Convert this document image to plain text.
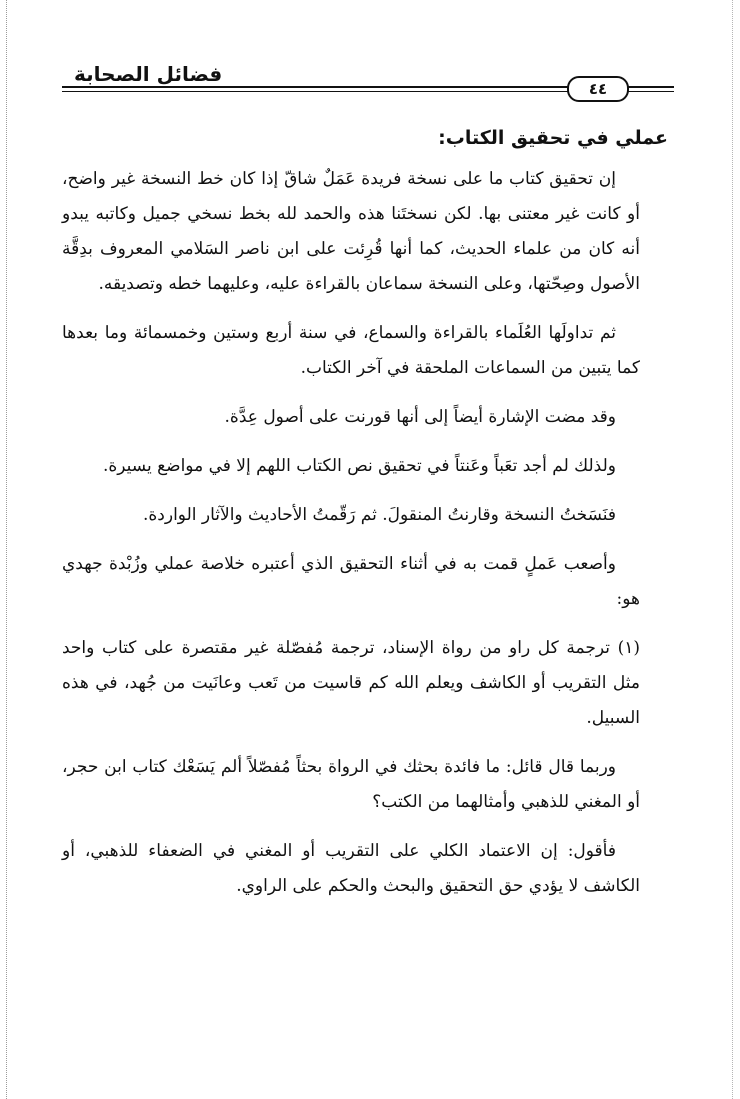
فضائل الصحابة
٤٤
عملي في تحقيق الكتاب:

إن تحقيق كتاب ما على نسخة فريدة عَمَلٌ شاقّ إذا كان خط النسخة غير واضح، أو كانت غير معتنى بها. لكن نسختَنا هذه والحمد لله بخط نسخي جميل وكاتبه يبدو أنه كان من علماء الحديث، كما أنها قُرِئت على ابن ناصر السَلامي المعروف بدِقَّة الأصول وصِحّتها، وعلى النسخة سماعان بالقراءة عليه، وعليهما خطه وتصديقه.

ثم تداولَها العُلَماء بالقراءة والسماع، في سنة أربع وستين وخمسمائة وما بعدها كما يتبين من السماعات الملحقة في آخر الكتاب.

وقد مضت الإشارة أيضاً إلى أنها قورنت على أصول عِدَّة.

ولذلك لم أجد تعَباً وعَنتاً في تحقيق نص الكتاب اللهم إلا في مواضع يسيرة.

فنَسَختُ النسخة وقارنتُ المنقولَ. ثم رَقّمتُ الأحاديث والآثار الواردة.

وأصعب عَملٍ قمت به في أثناء التحقيق الذي أعتبره خلاصة عملي وزُبْدة جهدي هو:

(١) ترجمة كل راو من رواة الإسناد، ترجمة مُفصّلة غير مقتصرة على كتاب واحد مثل التقريب أو الكاشف ويعلم الله كم قاسيت من تَعب وعانَيت من جُهد، في هذه السبيل.

وربما قال قائل: ما فائدة بحثك في الرواة بحثاً مُفصّلاً ألم يَسَعْك كتاب ابن حجر، أو المغني للذهبي وأمثالهما من الكتب؟

فأقول: إن الاعتماد الكلي على التقريب أو المغني في الضعفاء للذهبي، أو الكاشف لا يؤدي حق التحقيق والبحث والحكم على الراوي.
